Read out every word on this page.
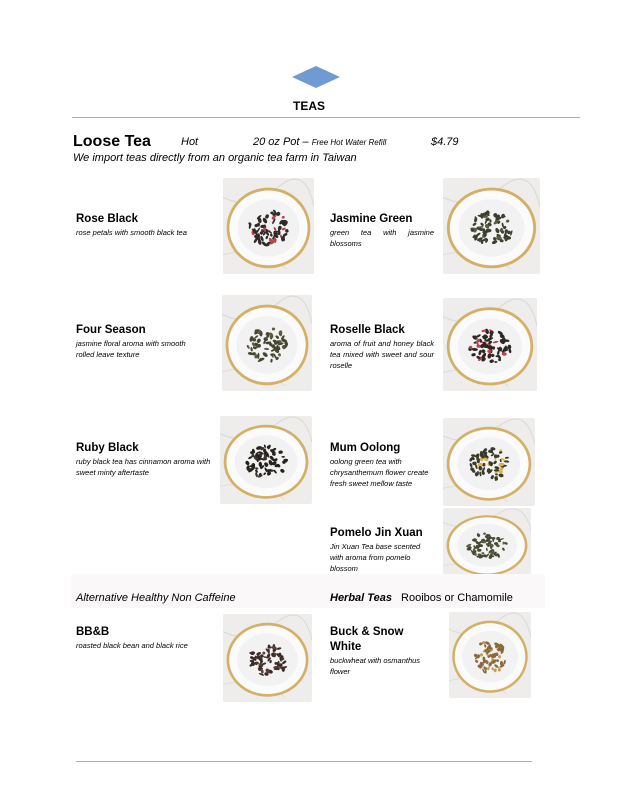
TEAS
Loose Tea	Hot	20 oz Pot – Free Hot Water Refill	$4.79
We import teas directly from an organic tea farm in Taiwan
Rose Black
rose petals with smooth black tea
Jasmine Green
green tea with jasmine blossoms
Four Season
jasmine floral aroma with smooth rolled leave texture
Roselle Black
aroma of fruit and honey black tea mixed with sweet and sour roselle
Ruby Black
ruby black tea has cinnamon aroma with sweet minty aftertaste
Mum Oolong
oolong green tea with chrysanthemum flower create fresh sweet mellow taste
Pomelo Jin Xuan
Jin Xuan Tea base scented with aroma from pomelo blossom
Alternative Healthy Non Caffeine	Herbal Teas Rooibos or Chamomile
BB&B
roasted black bean and black rice
Buck & Snow
White
buckwheat with osmanthus flower
